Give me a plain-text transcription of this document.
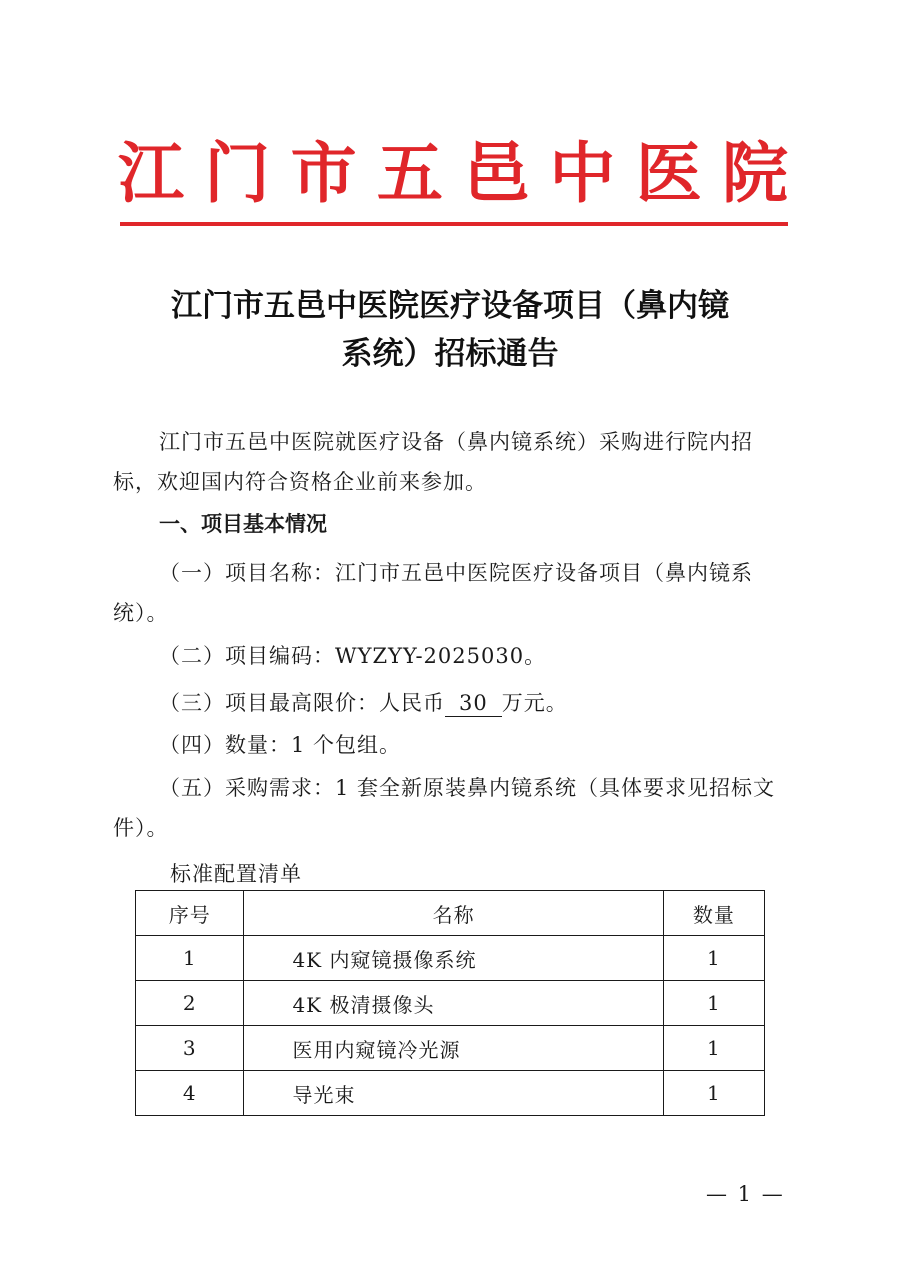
江 门 市 五 邑 中 医 院
江门市五邑中医院医疗设备项目（鼻内镜
系统）招标通告
江门市五邑中医院就医疗设备（鼻内镜系统）采购进行院内招标，欢迎国内符合资格企业前来参加。
一、项目基本情况
（一）项目名称：江门市五邑中医院医疗设备项目（鼻内镜系统）。
（二）项目编码：WYZYY-2025030。
（三）项目最高限价：人民币 30 万元。
（四）数量：1 个包组。
（五）采购需求：1 套全新原装鼻内镜系统（具体要求见招标文件）。
标准配置清单
序号	名称	数量
1	4K 内窥镜摄像系统	1
2	4K 极清摄像头	1
3	医用内窥镜冷光源	1
4	导光束	1
— 1 —
